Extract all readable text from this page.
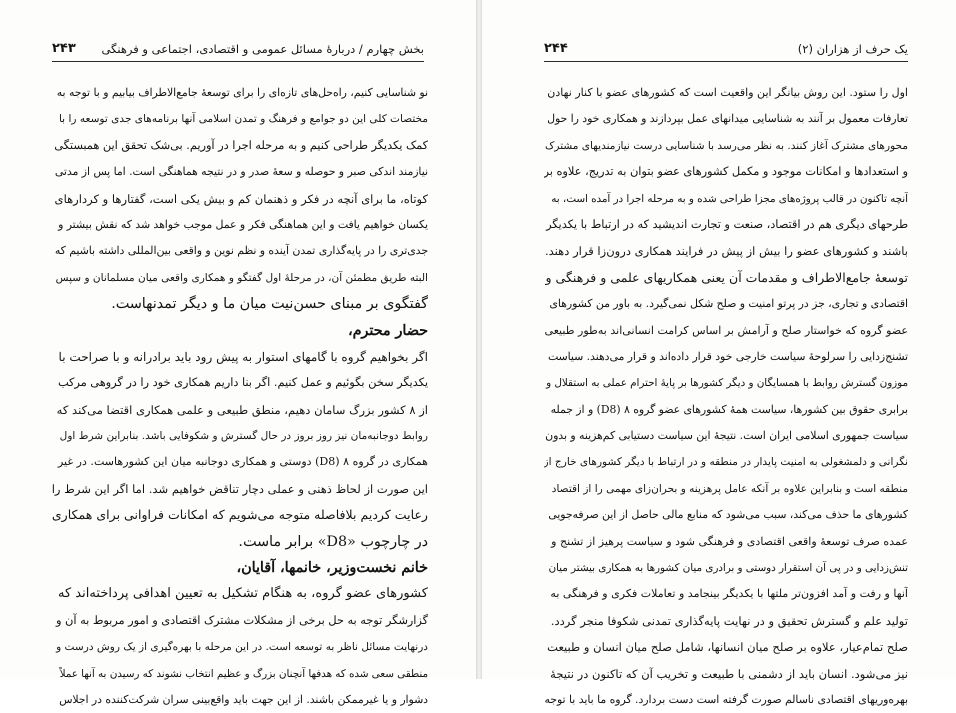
بخش چهارم / دربارهٔ مسائل عمومی و اقتصادی، اجتماعی و فرهنگی
۲۴۳
نو شناسایی کنیم، راه‌حل‌های تازه‌ای را برای توسعهٔ جامع‌الاطراف بیابیم و با توجه به
مختصات کلی این دو جوامع و فرهنگ و تمدن اسلامی آنها برنامه‌های جدی توسعه را با
کمک یکدیگر طراحی کنیم و به مرحله اجرا در آوریم. بی‌شک تحقق این همبستگی
نیازمند اندکی صبر و حوصله و سعهٔ صدر و در نتیجه هماهنگی است. اما پس از مدتی
کوتاه، ما برای آنچه در فکر و ذهنمان کم و بیش یکی است، گفتارها و کردارهای
یکسان خواهیم یافت و این هماهنگی فکر و عمل موجب خواهد شد که نقش بیشتر و
جدی‌تری را در پایه‌گذاری تمدن آینده و نظم نوین و واقعی بین‌المللی داشته باشیم که
البته طریق مطمئن آن، در مرحلهٔ اول گفتگو و همکاری واقعی میان مسلمانان و سپس
گفتگوی بر مبنای حسن‌نیت میان ما و دیگر تمدنهاست.
حضار محترم،
اگر بخواهیم گروه با گامهای استوار به پیش رود باید برادرانه و با صراحت با
یکدیگر سخن بگوئیم و عمل کنیم. اگر بنا داریم همکاری خود را در گروهی مرکب
از ۸ کشور بزرگ سامان دهیم، منطق طبیعی و علمی همکاری اقتضا می‌کند که
روابط دوجانبه‌مان نیز روز بروز در حال گسترش و شکوفایی باشد. بنابراین شرط اول
همکاری در گروه ۸ (D8) دوستی و همکاری دوجانبه میان این کشورهاست. در غیر
این صورت از لحاظ ذهنی و عملی دچار تناقض خواهیم شد. اما اگر این شرط را
رعایت کردیم بلافاصله متوجه می‌شویم که امکانات فراوانی برای همکاری
در چارچوب «D8» برابر ماست.
خانم نخست‌وزیر، خانمها، آقایان،
کشورهای عضو گروه، به هنگام تشکیل به تعیین اهدافی پرداخته‌اند که
گزارشگر توجه به حل برخی از مشکلات مشترک اقتصادی و امور مربوط به آن و
درنهایت مسائل ناظر به توسعه است. در این مرحله با بهره‌گیری از یک روش درست و
منطقی سعی شده که هدفها آنچنان بزرگ و عظیم انتخاب نشوند که رسیدن به آنها عملاً
دشوار و یا غیرممکن باشند. از این جهت باید واقع‌بینی سران شرکت‌کننده در اجلاس
یک حرف از هزاران (۲)
۲۴۴
اول را ستود. این روش بیانگر این واقعیت است که کشورهای عضو با کنار نهادن
تعارفات معمول بر آنند به شناسایی میدانهای عمل بپردازند و همکاری خود را حول
محورهای مشترک آغاز کنند. به نظر می‌رسد با شناسایی درست نیازمندیهای مشترک
و استعدادها و امکانات موجود و مکمل کشورهای عضو بتوان به تدریج، علاوه بر
آنچه تاکنون در قالب پروژه‌های مجزا طراحی شده و به مرحله اجرا در آمده است، به
طرحهای دیگری هم در اقتصاد، صنعت و تجارت اندیشید که در ارتباط با یکدیگر
باشند و کشورهای عضو را بیش از پیش در فرایند همکاری درون‌زا قرار دهند.
توسعهٔ جامع‌الاطراف و مقدمات آن یعنی همکاریهای علمی و فرهنگی و
اقتصادی و تجاری، جز در پرتو امنیت و صلح شکل نمی‌گیرد. به باور من کشورهای
عضو گروه که خواستار صلح و آرامش بر اساس کرامت انسانی‌اند به‌طور طبیعی
تشنج‌زدایی را سرلوحهٔ سیاست خارجی خود قرار داده‌اند و قرار می‌دهند. سیاست
موزون گسترش روابط با همسایگان و دیگر کشورها بر پایهٔ احترام عملی به استقلال و
برابری حقوق بین کشورها، سیاست همهٔ کشورهای عضو گروه ۸ (D8) و از جمله
سیاست جمهوری اسلامی ایران است. نتیجهٔ این سیاست دستیابی کم‌هزینه و بدون
نگرانی و دلمشغولی به امنیت پایدار در منطقه و در ارتباط با دیگر کشورهای خارج از
منطقه است و بنابراین علاوه بر آنکه عامل پرهزینه و بحران‌زای مهمی را از اقتصاد
کشورهای ما حذف می‌کند، سبب می‌شود که منابع مالی حاصل از این صرفه‌جویی
عمده صرف توسعهٔ واقعی اقتصادی و فرهنگی شود و سیاست پرهیز از تشنج و
تنش‌زدایی و در پی آن استقرار دوستی و برادری میان کشورها به همکاری بیشتر میان
آنها و رفت و آمد افزون‌تر ملتها با یکدیگر بینجامد و تعاملات فکری و فرهنگی به
تولید علم و گسترش تحقیق و در نهایت پایه‌گذاری تمدنی شکوفا منجر گردد.
صلح تمام‌عیار، علاوه بر صلح میان انسانها، شامل صلح میان انسان و طبیعت
نیز می‌شود. انسان باید از دشمنی با طبیعت و تخریب آن که تاکنون در نتیجهٔ
بهره‌وریهای اقتصادی ناسالم صورت گرفته است دست بردارد. گروه ما باید با توجه
